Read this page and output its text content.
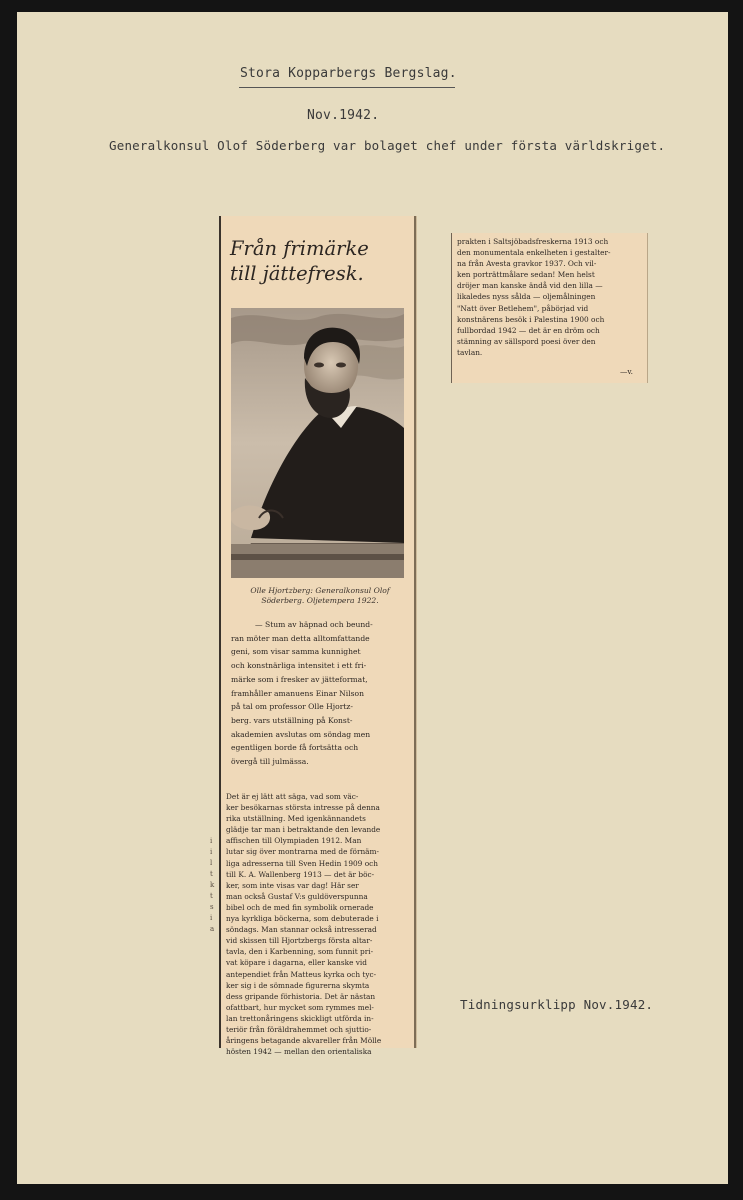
Stora Kopparbergs Bergslag.
Nov.1942.
Generalkonsul Olof Söderberg var bolaget chef under första världskriget.
Från frimärke
till jättefresk.
Olle Hjortzberg: Generalkonsul Olof
Söderberg. Oljetempera 1922.
— Stum av häpnad och beund-
ran möter man detta alltomfattande
geni, som visar samma kunnighet
och konstnärliga intensitet i ett fri-
märke som i fresker av jätteformat,
framhåller amanuens Einar Nilson
på tal om professor Olle Hjortz-
berg. vars utställning på Konst-
akademien avslutas om söndag men
egentligen borde få fortsätta och
övergå till julmässa.
Det är ej lätt att säga, vad som väc-
ker besökarnas största intresse på denna
rika utställning. Med igenkännandets
glädje tar man i betraktande den levande
affischen till Olympiaden 1912. Man
lutar sig över montrarna med de förnäm-
liga adresserna till Sven Hedin 1909 och
till K. A. Wallenberg 1913 — det är böc-
ker, som inte visas var dag! Här ser
man också Gustaf V:s guldöverspunna
bibel och de med fin symbolik ornerade
nya kyrkliga böckerna, som debuterade i
söndags. Man stannar också intresserad
vid skissen till Hjortzbergs första altar-
tavla, den i Karbenning, som funnit pri-
vat köpare i dagarna, eller kanske vid
antependiet från Matteus kyrka och tyc-
ker sig i de sömnade figurerna skymta
dess gripande förhistoria. Det är nästan
ofattbart, hur mycket som rymmes mel-
lan trettonåringens skickligt utförda in-
teriör från föräldrahemmet och sjuttio-
åringens betagande akvareller från Mölle
hösten 1942 — mellan den orientaliska
i
i
l
t
k
t
s
i
a
prakten i Saltsjöbadsfreskerna 1913 och
den monumentala enkelheten i gestalter-
na från Avesta gravkor 1937. Och vil-
ken porträttmålare sedan! Men helst
dröjer man kanske ändå vid den lilla —
likaledes nyss sålda — oljemålningen
"Natt över Betlehem", påbörjad vid
konstnärens besök i Palestina 1900 och
fullbordad 1942 — det är en dröm och
stämning av sällspord poesi över den
tavlan.
—v.
Tidningsurklipp Nov.1942.
